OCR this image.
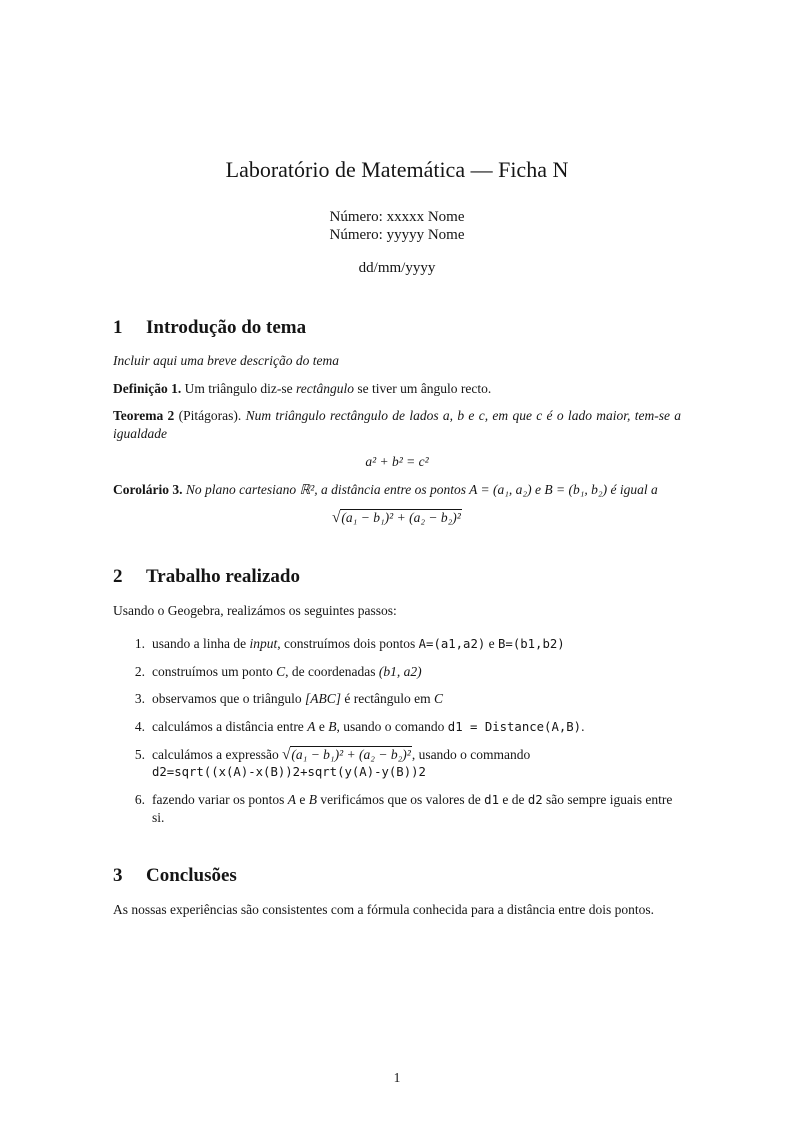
Laboratório de Matemática — Ficha N
Número: xxxxx Nome
Número: yyyyy Nome
dd/mm/yyyy
1 Introdução do tema

Incluir aqui uma breve descrição do tema

Definição 1. Um triângulo diz-se rectângulo se tiver um ângulo recto.

Teorema 2 (Pitágoras). Num triângulo rectângulo de lados a, b e c, em que c é o lado maior, tem-se a igualdade

a² + b² = c²

Corolário 3. No plano cartesiano ℝ², a distância entre os pontos A = (a₁, a₂) e B = (b₁, b₂) é igual a

√(a₁ − b₁)² + (a₂ − b₂)²
2 Trabalho realizado

Usando o Geogebra, realizámos os seguintes passos:

1. usando a linha de input, construímos dois pontos A=(a1,a2) e B=(b1,b2)
2. construímos um ponto C, de coordenadas (b1, a2)
3. observamos que o triângulo [ABC] é rectângulo em C
4. calculámos a distância entre A e B, usando o comando d1 = Distance(A,B).
5. calculámos a expressão √(a₁ − b₁)² + (a₂ − b₂)², usando o commando
d2=sqrt((x(A)-x(B))2+sqrt(y(A)-y(B))2
6. fazendo variar os pontos A e B verificámos que os valores de d1 e de d2 são sempre iguais entre si.
3 Conclusões

As nossas experiências são consistentes com a fórmula conhecida para a distância entre dois pontos.

1
